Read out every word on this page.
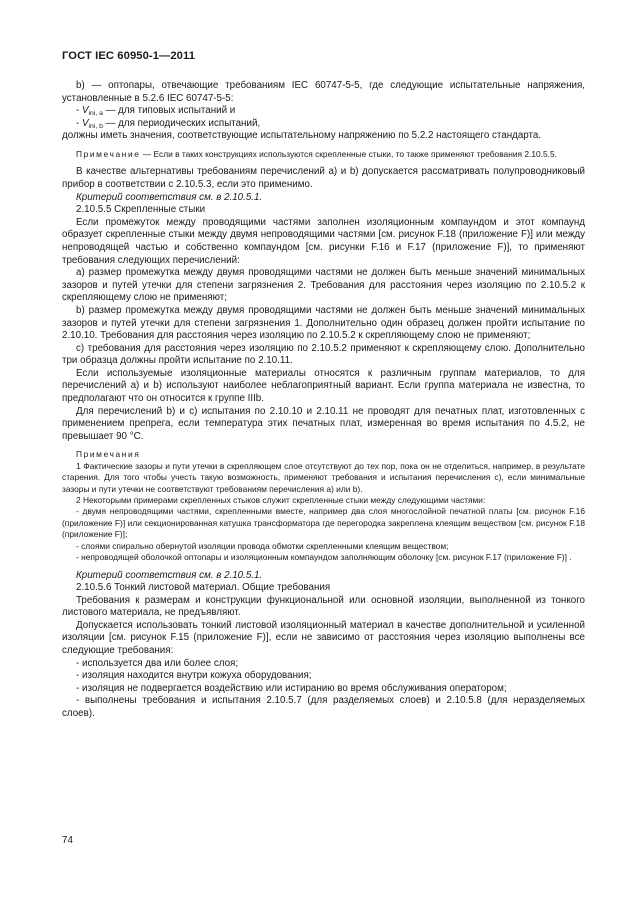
ГОСТ IEC 60950-1—2011

b) — оптопары, отвечающие требованиям IEC 60747-5-5, где следующие испытательные напряжения, установленные в 5.2.6 IEC 60747-5-5:

- $V_{ini, a}$ — для типовых испытаний и

- $V_{ini, b}$ — для периодических испытаний,

должны иметь значения, соответствующие испытательному напряжению по 5.2.2 настоящего стандарта.

Примечание — Если в таких конструкциях используются скрепленные стыки, то также применяют требования 2.10.5.5.

В качестве альтернативы требованиям перечислений а) и b) допускается рассматривать полупроводниковый прибор в соответствии с 2.10.5.3, если это применимо.

Критерий соответствия см. в 2.10.5.1.

2.10.5.5 Скрепленные стыки

Если промежуток между проводящими частями заполнен изоляционным компаундом и этот компаунд образует скрепленные стыки между двумя непроводящими частями [см. рисунок F.18 (приложение F)] или между непроводящей частью и собственно компаундом [см. рисунки F.16 и F.17 (приложение F)], то применяют требования следующих перечислений:

а) размер промежутка между двумя проводящими частями не должен быть меньше значений минимальных зазоров и путей утечки для степени загрязнения 2. Требования для расстояния через изоляцию по 2.10.5.2 к скрепляющему слою не применяют;

b) размер промежутка между двумя проводящими частями не должен быть меньше значений минимальных зазоров и путей утечки для степени загрязнения 1. Дополнительно один образец должен пройти испытание по 2.10.10. Требования для расстояния через изоляцию по 2.10.5.2 к скрепляющему слою не применяют;

с) требования для расстояния через изоляцию по 2.10.5.2 применяют к скрепляющему слою. Дополнительно три образца должны пройти испытание по 2.10.11.

Если используемые изоляционные материалы относятся к различным группам материалов, то для перечислений а) и b) используют наиболее неблагоприятный вариант. Если группа материала не известна, то предполагают что он относится к группе IIIb.

Для перечислений b) и с) испытания по 2.10.10 и 2.10.11 не проводят для печатных плат, изготовленных с применением препрега, если температура этих печатных плат, измеренная во время испытания по 4.5.2, не превышает 90 °С.

Примечания

1 Фактические зазоры и пути утечки в скрепляющем слое отсутствуют до тех пор, пока он не отделиться, например, в результате старения. Для того чтобы учесть такую возможность, применяют требования и испытания перечисления с), если минимальные зазоры и пути утечки не соответствуют требованиям перечисления а) или b).

2 Некоторыми примерами скрепленных стыков служит скрепленные стыки между следующими частями:

- двумя непроводящими частями, скрепленными вместе, например два слоя многослойной печатной платы [см. рисунок F.16 (приложение F)] или секционированная катушка трансформатора где перегородка закреплена клеящим веществом [см. рисунок F.18 (приложение F)];

- слоями спирально обернутой изоляции провода обмотки скрепленными клеящим веществом;

- непроводящей оболочкой оптопары и изоляционным компаундом заполняющим оболочку [см. рисунок F.17 (приложение F)] .

Критерий соответствия см. в 2.10.5.1.

2.10.5.6 Тонкий листовой материал. Общие требования

Требования к размерам и конструкции функциональной или основной изоляции, выполненной из тонкого листового материала, не предъявляют.

Допускается использовать тонкий листовой изоляционный материал в качестве дополнительной и усиленной изоляции [см. рисунок F.15 (приложение F)], если не зависимо от расстояния через изоляцию выполнены все следующие требования:

- используется два или более слоя;

- изоляция находится внутри кожуха оборудования;

- изоляция не подвергается воздействию или истиранию во время обслуживания оператором;

- выполнены требования и испытания 2.10.5.7 (для разделяемых слоев) и 2.10.5.8 (для неразделяемых слоев).

74
